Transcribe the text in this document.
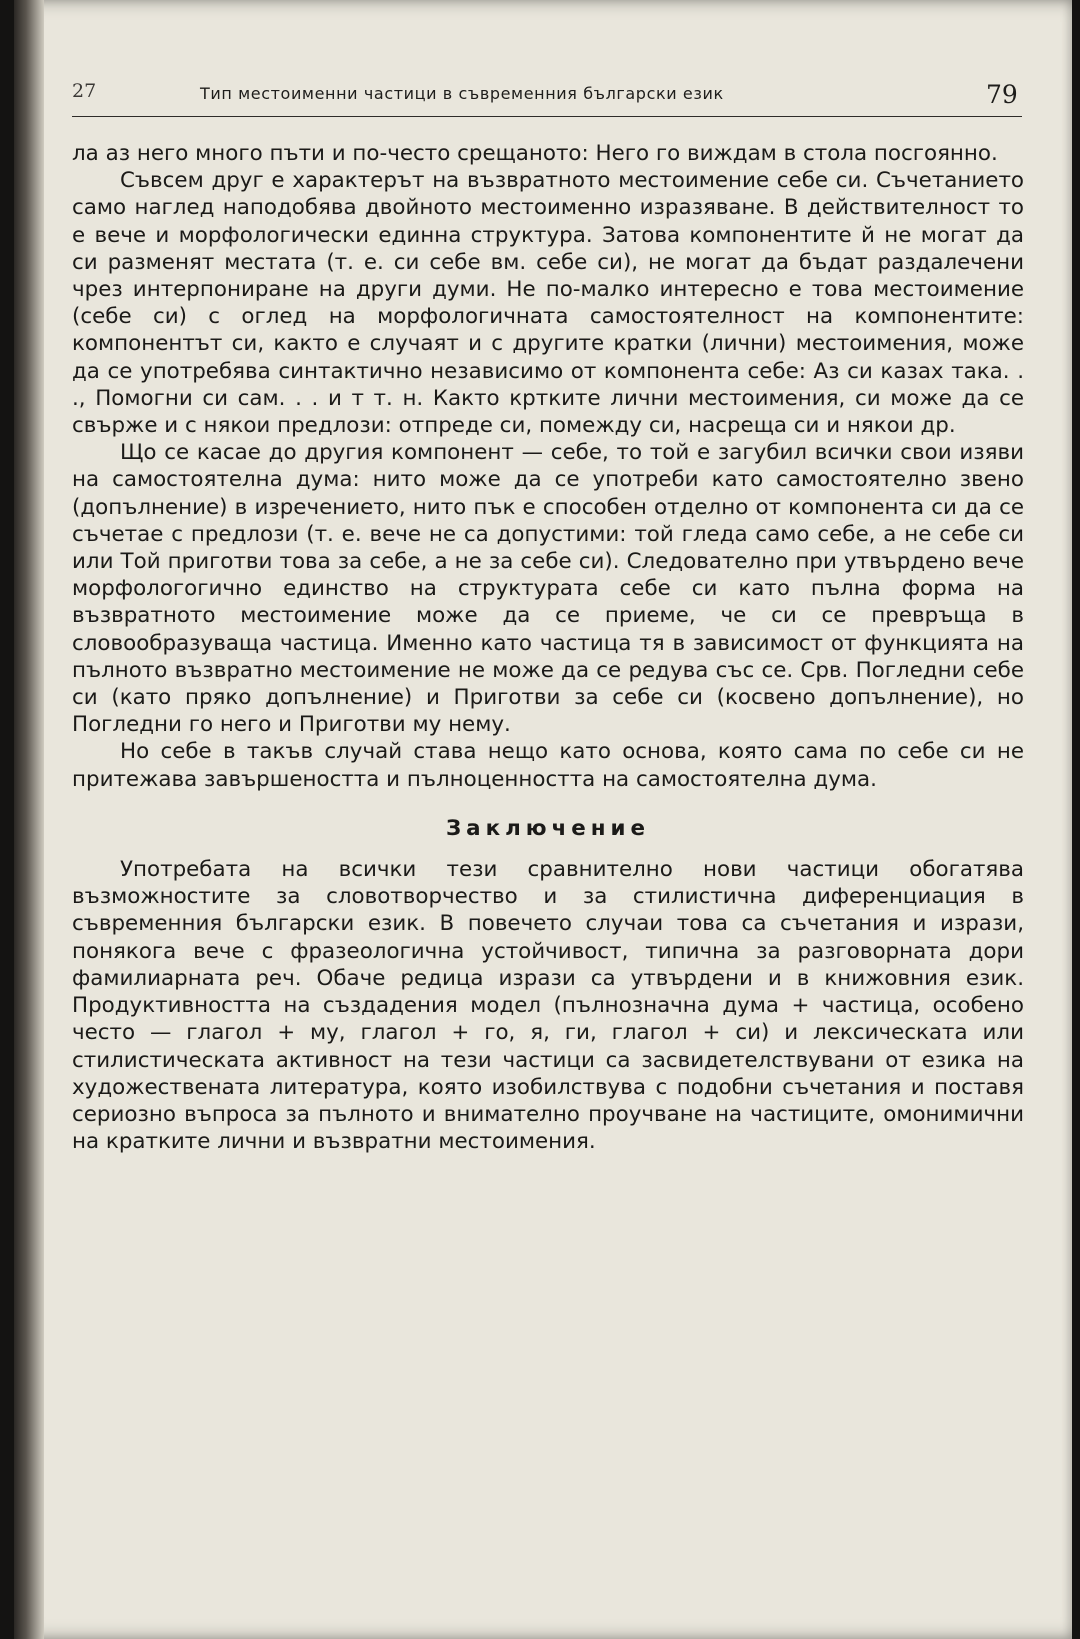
27	Тип местоименни частици в съвременния български език	79

ла аз него много пъти и по-често срещаното: Него го виждам в стола посгоянно.

Съвсем друг е характерът на възвратното местоимение себе си. Съчетанието само наглед наподобява двойното местоименно изразяване. В действителност то е вече и морфологически единна структура. Затова компонентите й не могат да си разменят местата (т. е. си себе вм. себе си), не могат да бъдат раздалечени чрез интерпониране на други думи. Не по-малко интересно е това местоимение (себе си) с оглед на морфологичната самостоятелност на компонентите: компонентът си, както е случаят и с другите кратки (лични) местоимения, може да се употребява синтактично независимо от компонента себе: Аз си казах така. . ., Помогни си сам. . . и т т. н. Както кртките лични местоимения, си може да се свърже и с някои предлози: отпреде си, помежду си, насреща си и някои др.

Що се касае до другия компонент — себе, то той е загубил всички свои изяви на самостоятелна дума: нито може да се употреби като самостоятелно звено (допълнение) в изречението, нито пък е способен отделно от компонента си да се съчетае с предлози (т. е. вече не са допустими: той гледа само себе, а не себе си или Той приготви това за себе, а не за себе си). Следователно при утвърдено вече морфологогично единство на структурата себе си като пълна форма на възвратното местоимение може да се приеме, че си се превръща в словообразуваща частица. Именно като частица тя в зависимост от функцията на пълното възвратно местоимение не може да се редува със се. Срв. Погледни себе си (като пряко допълнение) и Приготви за себе си (косвено допълнение), но Погледни го него и Приготви му нему.

Но себе в такъв случай става нещо като основа, която сама по себе си не притежава завършеността и пълноценността на самостоятелна дума.

Заключение

Употребата на всички тези сравнително нови частици обогатява възможностите за словотворчество и за стилистична диференциация в съвременния български език. В повечето случаи това са съчетания и изрази, понякога вече с фразеологична устойчивост, типична за разговорната дори фамилиарната реч. Обаче редица изрази са утвърдени и в книжовния език. Продуктивността на създадения модел (пълнозначна дума + частица, особено често — глагол + му, глагол + го, я, ги, глагол + си) и лексическата или стилистическата активност на тези частици са засвидетелствувани от езика на художествената литература, която изобилствува с подобни съчетания и поставя сериозно въпроса за пълното и внимателно проучване на частиците, омонимични на кратките лични и възвратни местоимения.
